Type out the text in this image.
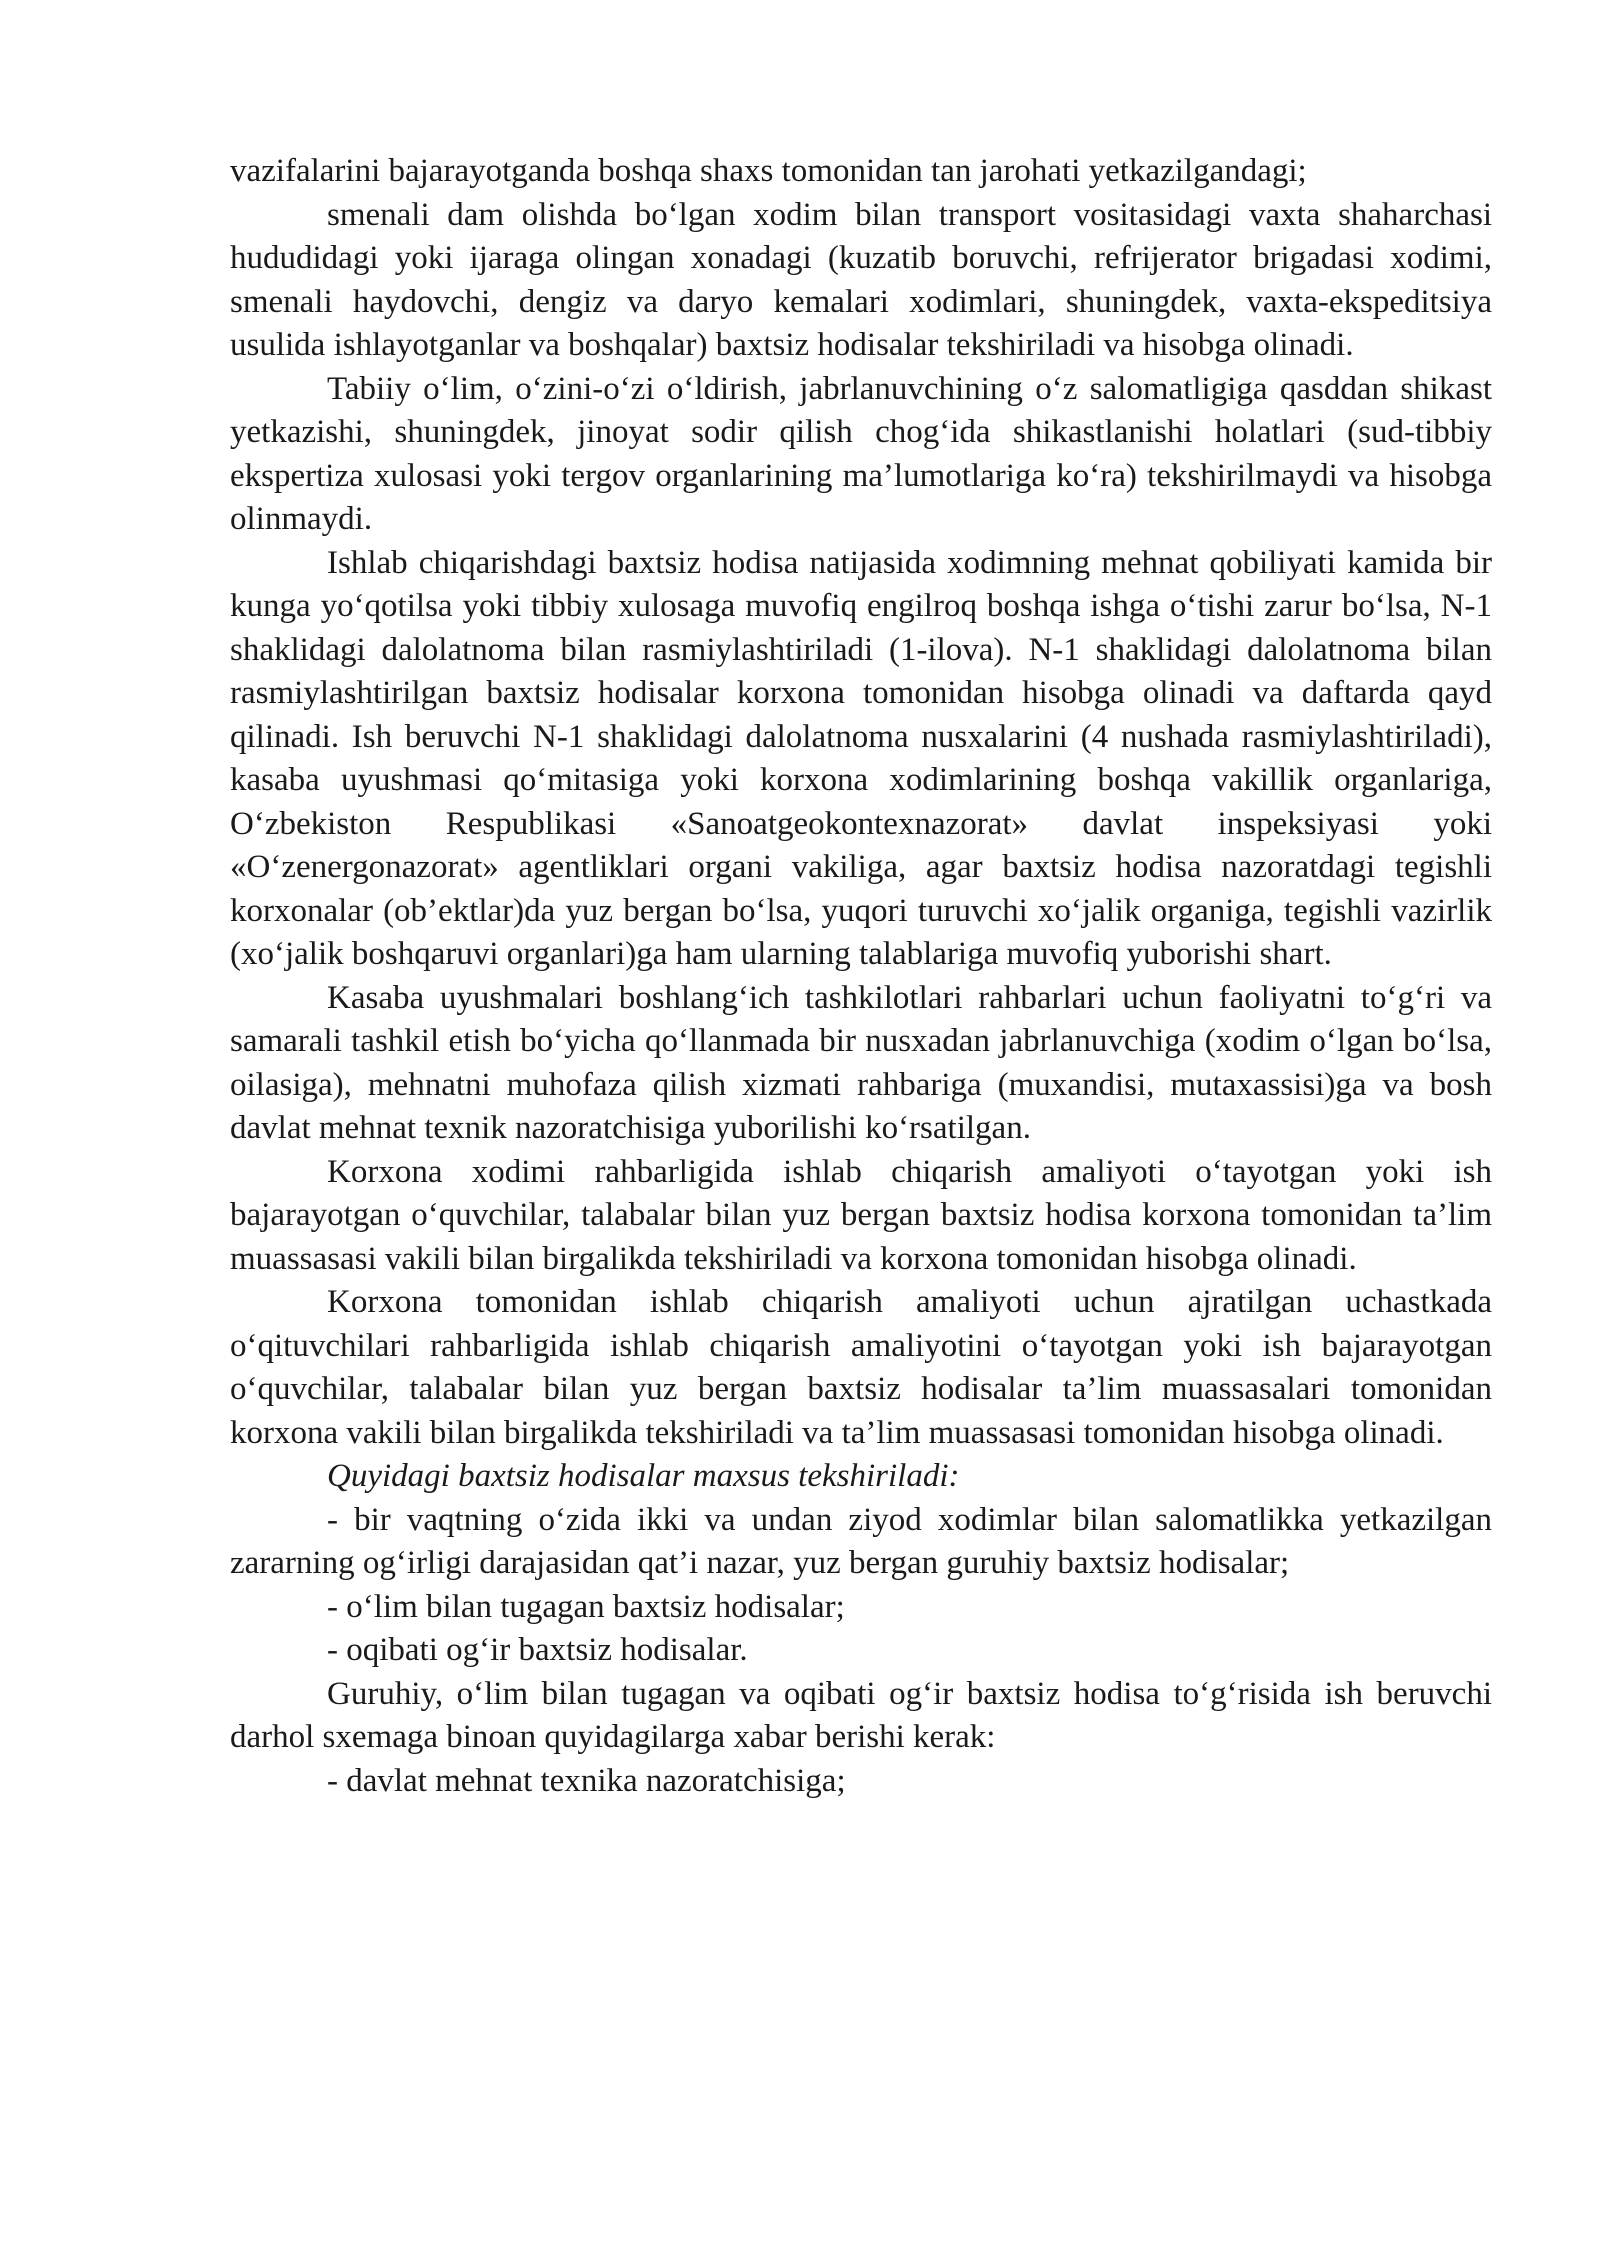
vazifalarini bajarayotganda boshqa shaxs tomonidan tan jarohati yetkazilgandagi;

smenali dam olishda bo‘lgan xodim bilan transport vositasidagi vaxta shaharchasi hududidagi yoki ijaraga olingan xonadagi (kuzatib boruvchi, refrijerator brigadasi xodimi, smenali haydovchi, dengiz va daryo kemalari xodimlari, shuningdek, vaxta-ekspeditsiya usulida ishlayotganlar va boshqalar) baxtsiz hodisalar tekshiriladi va hisobga olinadi.

Tabiiy o‘lim, o‘zini-o‘zi o‘ldirish, jabrlanuvchining o‘z salomatligiga qasddan shikast yetkazishi, shuningdek, jinoyat sodir qilish chog‘ida shikastlanishi holatlari (sud-tibbiy ekspertiza xulosasi yoki tergov organlarining ma’lumotlariga ko‘ra) tekshirilmaydi va hisobga olinmaydi.

Ishlab chiqarishdagi baxtsiz hodisa natijasida xodimning mehnat qobiliyati kamida bir kunga yo‘qotilsa yoki tibbiy xulosaga muvofiq engilroq boshqa ishga o‘tishi zarur bo‘lsa, N-1 shaklidagi dalolatnoma bilan rasmiylashtiriladi (1-ilova). N-1 shaklidagi dalolatnoma bilan rasmiylashtirilgan baxtsiz hodisalar korxona tomonidan hisobga olinadi va daftarda qayd qilinadi. Ish beruvchi N-1 shaklidagi dalolatnoma nusxalarini (4 nushada rasmiylashtiriladi), kasaba uyushmasi qo‘mitasiga yoki korxona xodimlarining boshqa vakillik organlariga, O‘zbekiston Respublikasi «Sanoatgeokontexnazorat» davlat inspeksiyasi yoki «O‘zenergonazorat» agentliklari organi vakiliga, agar baxtsiz hodisa nazoratdagi tegishli korxonalar (ob’ektlar)da yuz bergan bo‘lsa, yuqori turuvchi xo‘jalik organiga, tegishli vazirlik (xo‘jalik boshqaruvi organlari)ga ham ularning talablariga muvofiq yuborishi shart.

Kasaba uyushmalari boshlang‘ich tashkilotlari rahbarlari uchun faoliyatni to‘g‘ri va samarali tashkil etish bo‘yicha qo‘llanmada bir nusxadan jabrlanuvchiga (xodim o‘lgan bo‘lsa, oilasiga), mehnatni muhofaza qilish xizmati rahbariga (muxandisi, mutaxassisi)ga va bosh davlat mehnat texnik nazoratchisiga yuborilishi ko‘rsatilgan.

Korxona xodimi rahbarligida ishlab chiqarish amaliyoti o‘tayotgan yoki ish bajarayotgan o‘quvchilar, talabalar bilan yuz bergan baxtsiz hodisa korxona tomonidan ta’lim muassasasi vakili bilan birgalikda tekshiriladi va korxona tomonidan hisobga olinadi.

Korxona tomonidan ishlab chiqarish amaliyoti uchun ajratilgan uchastkada o‘qituvchilari rahbarligida ishlab chiqarish amaliyotini o‘tayotgan yoki ish bajarayotgan o‘quvchilar, talabalar bilan yuz bergan baxtsiz hodisalar ta’lim muassasalari tomonidan korxona vakili bilan birgalikda tekshiriladi va ta’lim muassasasi tomonidan hisobga olinadi.

Quyidagi baxtsiz hodisalar maxsus tekshiriladi:

- bir vaqtning o‘zida ikki va undan ziyod xodimlar bilan salomatlikka yetkazilgan zararning og‘irligi darajasidan qat’i nazar, yuz bergan guruhiy baxtsiz hodisalar;

- o‘lim bilan tugagan baxtsiz hodisalar;

- oqibati og‘ir baxtsiz hodisalar.

Guruhiy, o‘lim bilan tugagan va oqibati og‘ir baxtsiz hodisa to‘g‘risida ish beruvchi darhol sxemaga binoan quyidagilarga xabar berishi kerak:

- davlat mehnat texnika nazoratchisiga;
